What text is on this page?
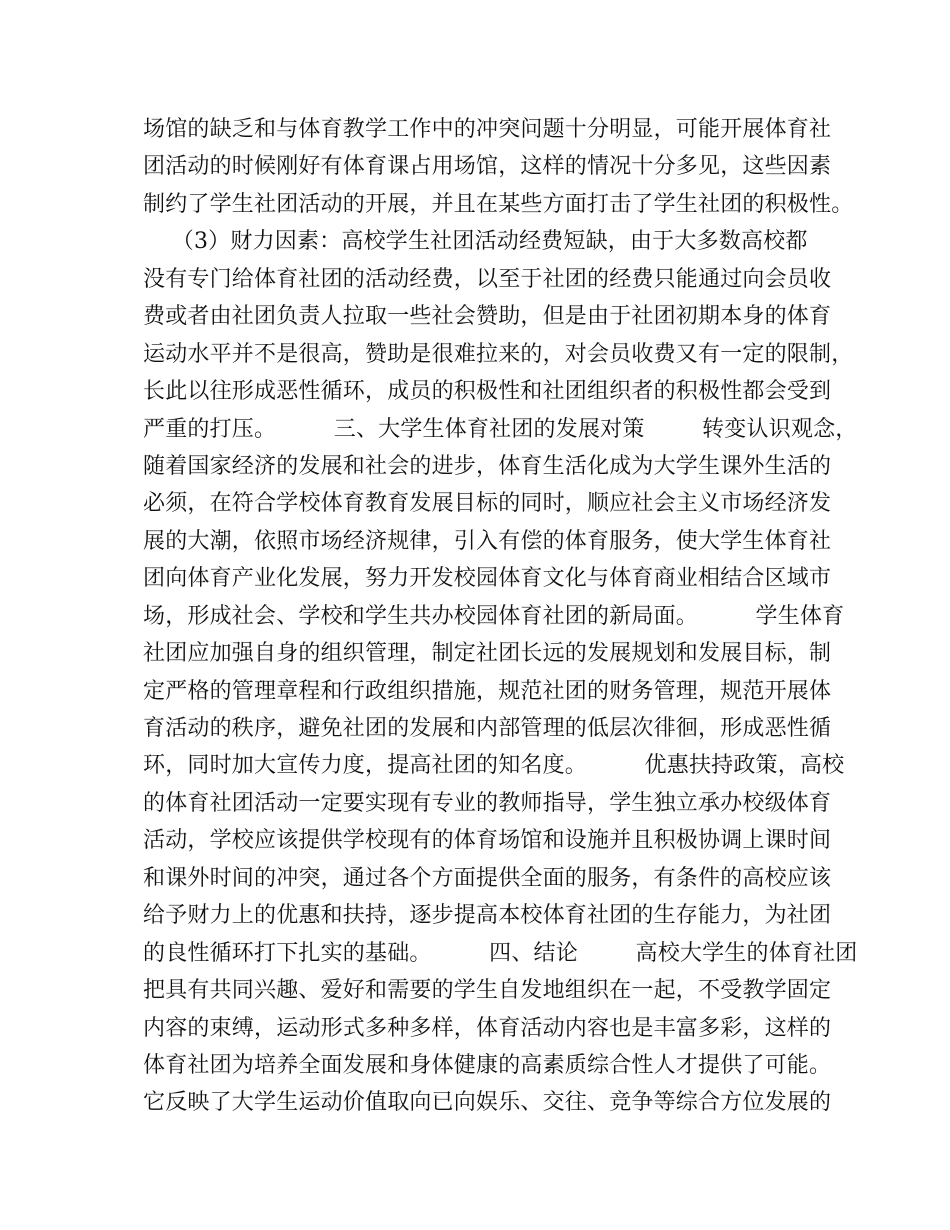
场馆的缺乏和与体育教学工作中的冲突问题十分明显，可能开展体育社
团活动的时候刚好有体育课占用场馆，这样的情况十分多见，这些因素
制约了学生社团活动的开展，并且在某些方面打击了学生社团的积极性。
（3）财力因素：高校学生社团活动经费短缺，由于大多数高校都
没有专门给体育社团的活动经费，以至于社团的经费只能通过向会员收
费或者由社团负责人拉取一些社会赞助，但是由于社团初期本身的体育
运动水平并不是很高，赞助是很难拉来的，对会员收费又有一定的限制，
长此以往形成恶性循环，成员的积极性和社团组织者的积极性都会受到
严重的打压。        三、大学生体育社团的发展对策        转变认识观念，
随着国家经济的发展和社会的进步，体育生活化成为大学生课外生活的
必须，在符合学校体育教育发展目标的同时，顺应社会主义市场经济发
展的大潮，依照市场经济规律，引入有偿的体育服务，使大学生体育社
团向体育产业化发展，努力开发校园体育文化与体育商业相结合区域市
场，形成社会、学校和学生共办校园体育社团的新局面。        学生体育
社团应加强自身的组织管理，制定社团长远的发展规划和发展目标，制
定严格的管理章程和行政组织措施，规范社团的财务管理，规范开展体
育活动的秩序，避免社团的发展和内部管理的低层次徘徊，形成恶性循
环，同时加大宣传力度，提高社团的知名度。        优惠扶持政策，高校
的体育社团活动一定要实现有专业的教师指导，学生独立承办校级体育
活动，学校应该提供学校现有的体育场馆和设施并且积极协调上课时间
和课外时间的冲突，通过各个方面提供全面的服务，有条件的高校应该
给予财力上的优惠和扶持，逐步提高本校体育社团的生存能力，为社团
的良性循环打下扎实的基础。        四、结论        高校大学生的体育社团
把具有共同兴趣、爱好和需要的学生自发地组织在一起，不受教学固定
内容的束缚，运动形式多种多样，体育活动内容也是丰富多彩，这样的
体育社团为培养全面发展和身体健康的高素质综合性人才提供了可能。
它反映了大学生运动价值取向已向娱乐、交往、竞争等综合方位发展的
